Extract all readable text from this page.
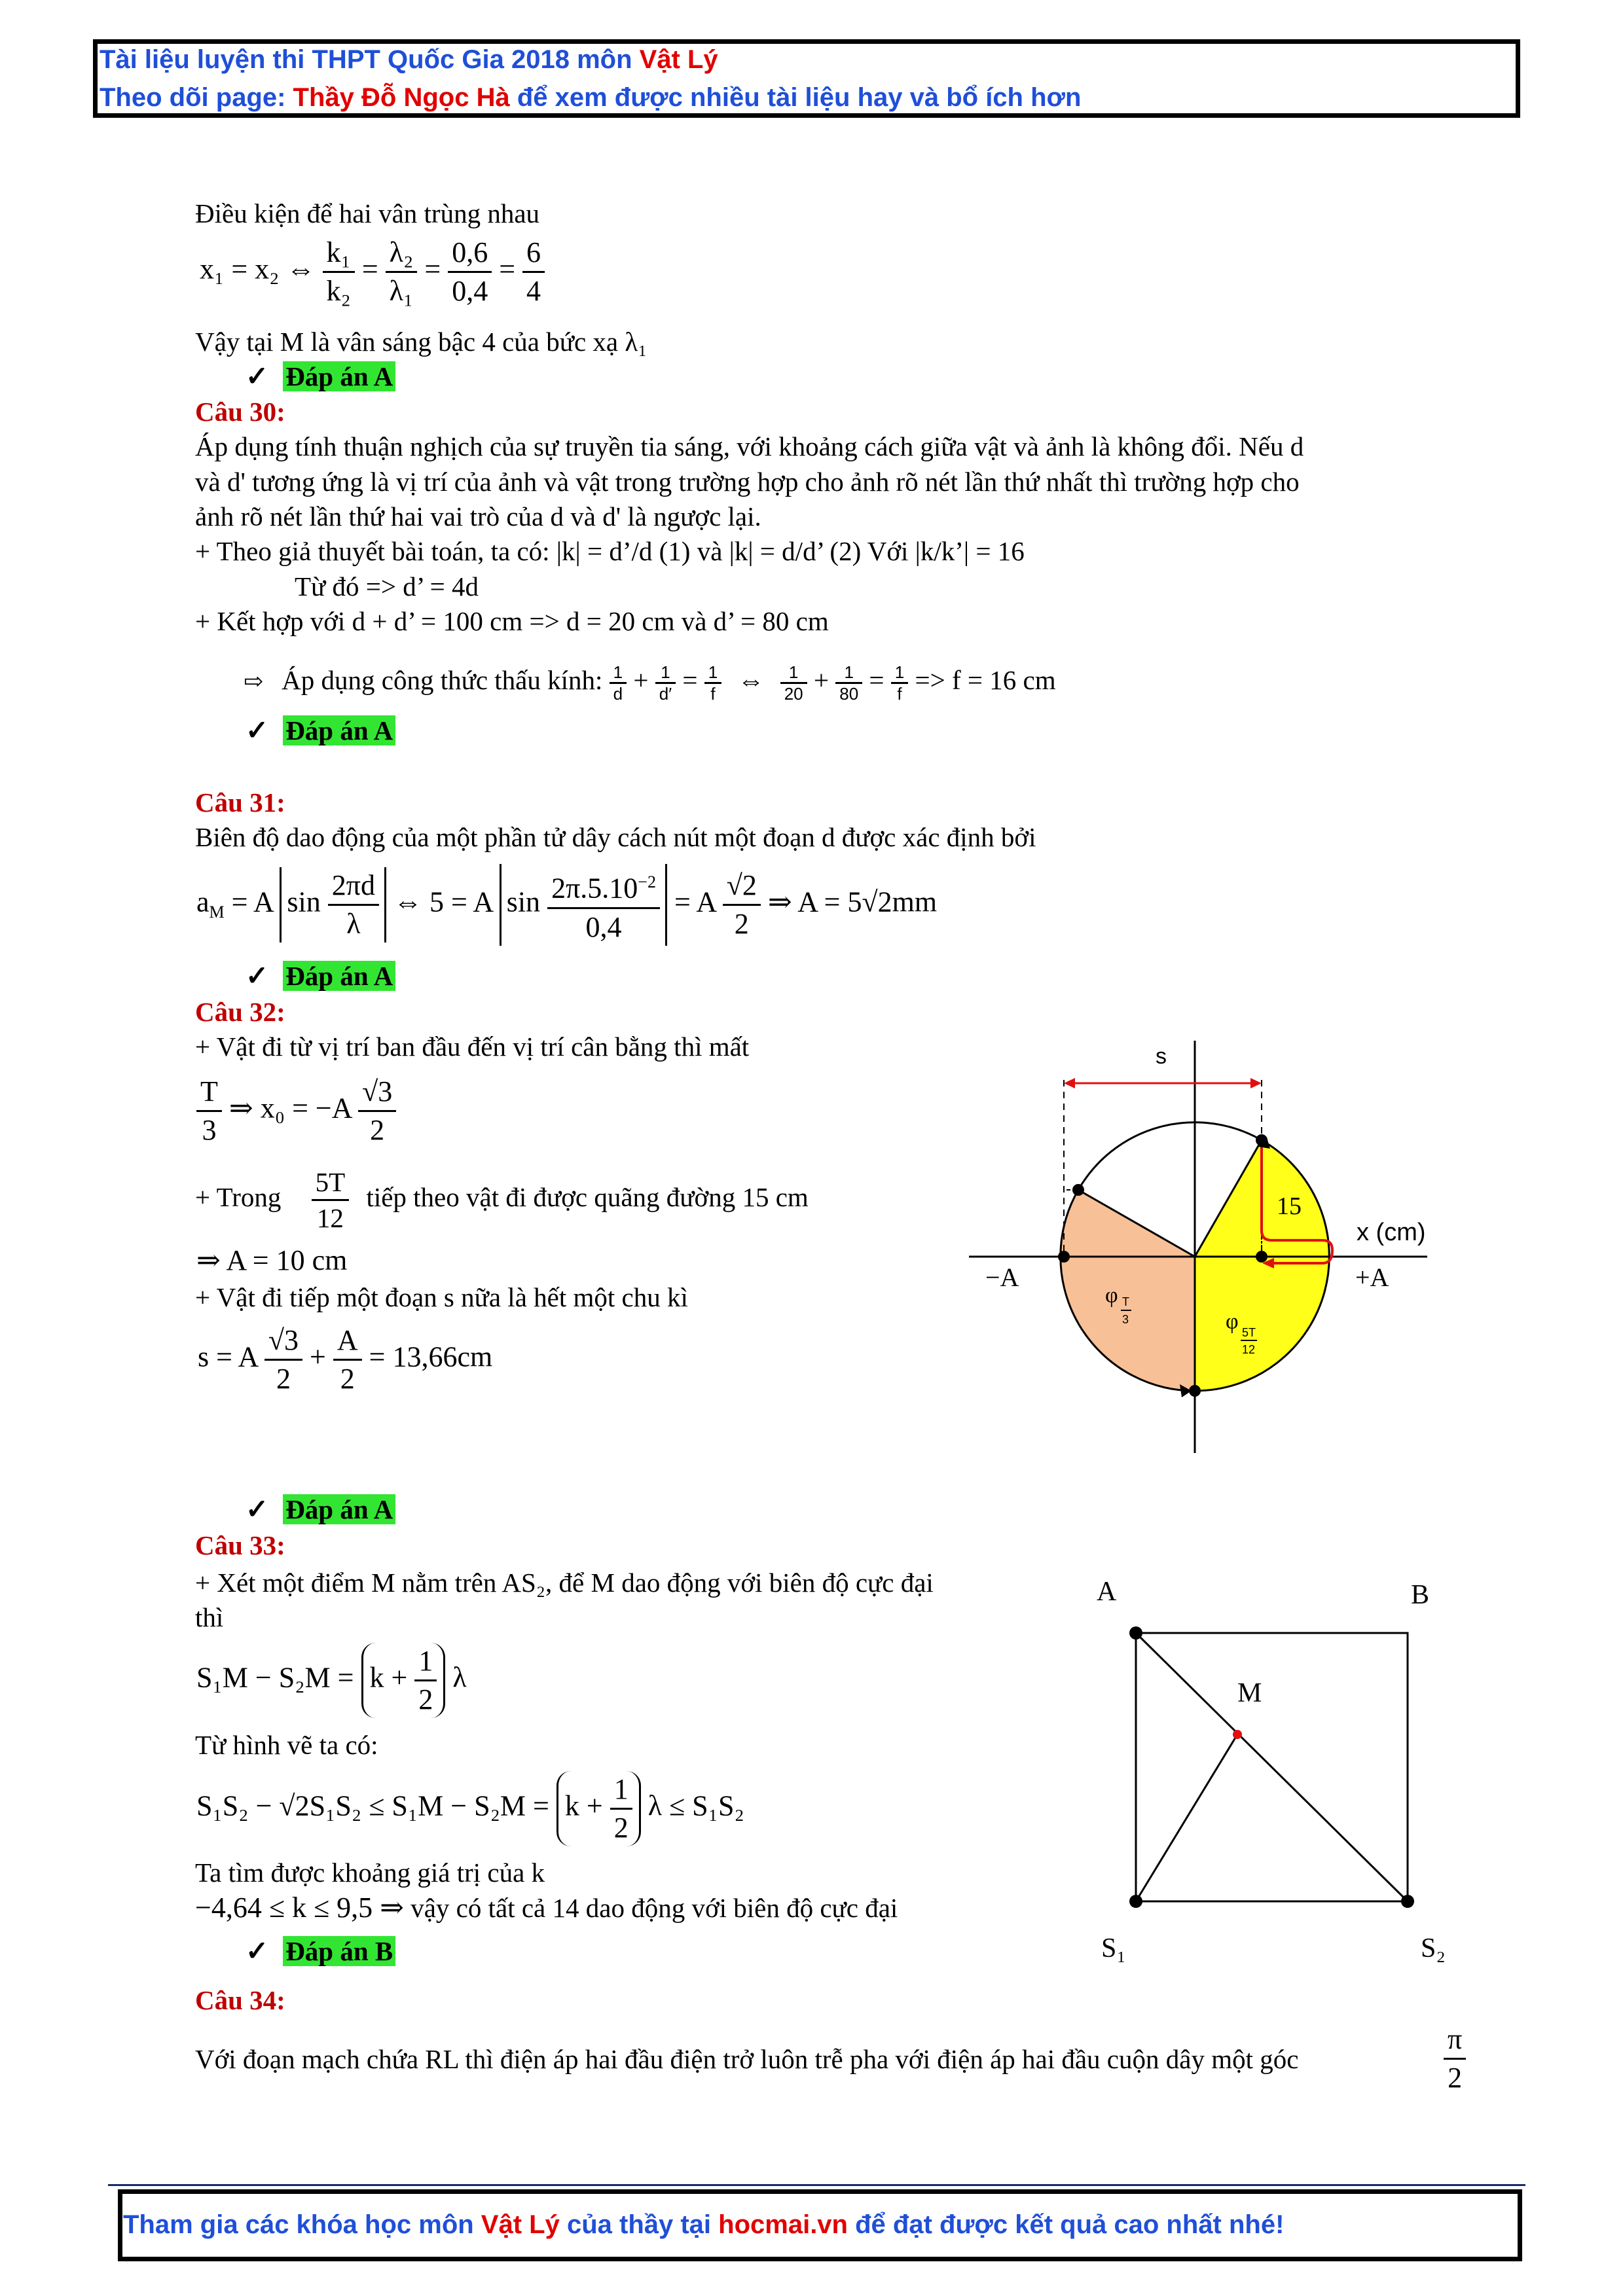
Tài liệu luyện thi THPT Quốc Gia 2018 môn Vật Lý
Theo dõi page: Thầy Đỗ Ngọc Hà để xem được nhiều tài liệu hay và bổ ích hơn
Điều kiện để hai vân trùng nhau
x₁ = x₂ ⇔ $\frac{\text{k₁}}{\text{k₂}} = \frac{\text{λ₂}}{\text{λ₁}} = \frac{0,6}{0,4} = \frac{6}{4}$
Vậy tại M là vân sáng bậc 4 của bức xạ λ₁
✓ Đáp án A
Câu 30:
Áp dụng tính thuận nghịch của sự truyền tia sáng, với khoảng cách giữa vật và ảnh là không đổi. Nếu d
và d' tương ứng là vị trí của ảnh và vật trong trường hợp cho ảnh rõ nét lần thứ nhất thì trường hợp cho
ảnh rõ nét lần thứ hai vai trò của d và d' là ngược lại.
+ Theo giả thuyết bài toán, ta có: |k| = d’/d (1) và |k| = d/d’ (2) Với |k/k’| = 16
Từ đó => d’ = 4d
+ Kết hợp với d + d’ = 100 cm => d = 20 cm và d’ = 80 cm
⇨ Áp dụng công thức thấu kính: $\frac{1}{d} + \frac{1}{d'} = \frac{1}{f}$ ⇔ $\frac{1}{20} + \frac{1}{80} = \frac{1}{f} => f = 16$ cm
✓ Đáp án A
Câu 31:
Biên độ dao động của một phần tử dây cách nút một đoạn d được xác định bởi
$a_M = A$ $\sin \frac{2\pi d}{\lambda}$ ⇔ 5 = A $\sin \frac{2\pi.5.10^{-2}}{0,4} = A \frac{√2}{2}$ ⇒ A = 5√2mm
✓ Đáp án A
Câu 32:
+ Vật đi từ vị trí ban đầu đến vị trí cân bằng thì mất
$\frac{T}{3}$ ⇒ $x_0 = -A \frac{√3}{2}$
+ Trong $\frac{5T}{12}$ tiếp theo vật đi được quãng đường 15 cm
⇒ A = 10 cm
+ Vật đi tiếp một đoạn s nữa là hết một chu kì
s = A $\frac{√3}{2} + \frac{A}{2} = 13,66cm$
✓ Đáp án A
s
15
x (cm)
−A	+A
φ T
3	φ 5T
12
Câu 33:
+ Xét một điểm M nằm trên AS₂, để M dao động với biên độ cực đại
thì
$S_1M - S_2M = k + \frac{1}{2}$ λ
Từ hình vẽ ta có:
$S_1S_2 - √2S_1S_2 \le S_1M - S_2M = k + \frac{1}{2}$ λ ≤ S₁S₂
Ta tìm được khoảng giá trị của k
−4,64 ≤ k ≤ 9,5 ⇒ vậy có tất cả 14 dao động với biên độ cực đại
✓ Đáp án B
A	B
M
S₁	S₂
Câu 34:
Với đoạn mạch chứa RL thì điện áp hai đầu điện trở luôn trễ pha với điện áp hai đầu cuộn dây một góc	$\frac{\pi}{2}$
Tham gia các khóa học môn Vật Lý của thầy tại hocmai.vn để đạt được kết quả cao nhất nhé!
